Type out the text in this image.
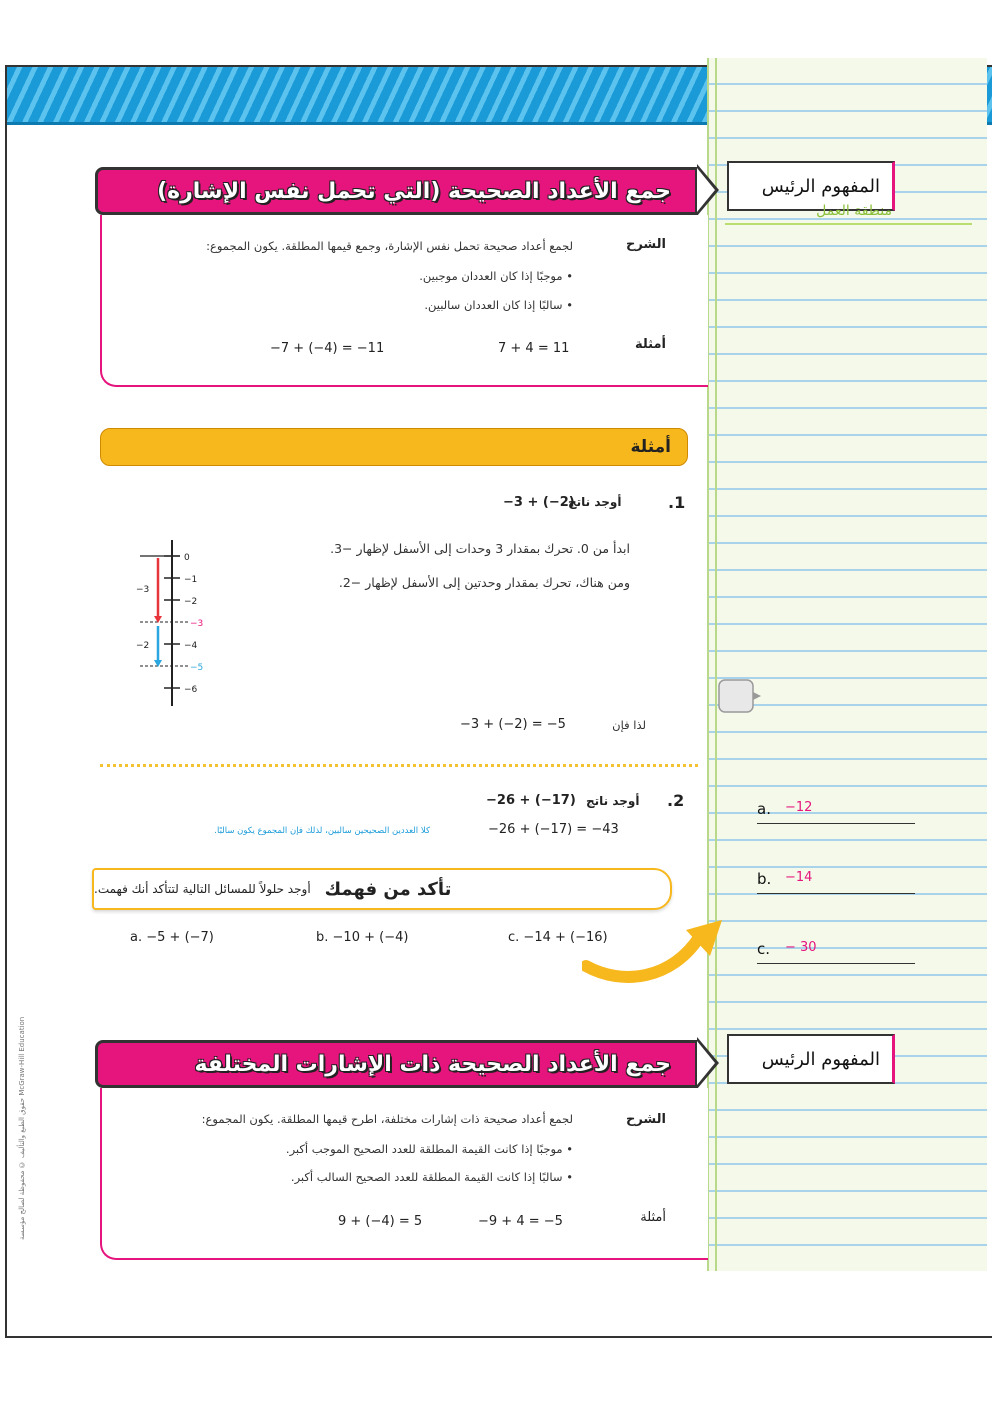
المفهوم الرئيس
المفهوم الرئيس
منطقة العمل
جمع الأعداد الصحيحة (التي تحمل نفس الإشارة)
الشرح
لجمع أعداد صحيحة تحمل نفس الإشارة، وجمع قيمها المطلقة. يكون المجموع:
• موجبًا إذا كان العددان موجبين.
• سالبًا إذا كان العددان سالبين.
أمثلة
7 + 4 = 11
−7 + (−4) = −11
أمثلة
−3 + (−2)
أوجد ناتج	1.
ابدأ من 0. تحرك بمقدار 3 وحدات إلى الأسفل لإظهار −3.
ومن هناك، تحرك بمقدار وحدتين إلى الأسفل لإظهار −2.
0
−1
−2
−3
−4
−5
−6
−3
−2
−3 + (−2) = −5	لذا فإن
−26 + (−17) أوجد ناتج 2.
−26 + (−17) = −43
كلا العددين الصحيحين سالبين، لذلك فإن المجموع يكون سالبًا.
تأكد من فهمك
أوجد حلولاً للمسائل التالية لتتأكد أنك فهمت.
a. −5 + (−7)	b. −10 + (−4)	c. −14 + (−16)
a. −12
b. −14
c. − 30
جمع الأعداد الصحيحة ذات الإشارات المختلفة
الشرح
لجمع أعداد صحيحة ذات إشارات مختلفة، اطرح قيمها المطلقة. يكون المجموع:
• موجبًا إذا كانت القيمة المطلقة للعدد الصحيح الموجب أكبر.
• سالبًا إذا كانت القيمة المطلقة للعدد الصحيح السالب أكبر.
أمثلة
−9 + 4 = −5
9 + (−4) = 5
حقوق الطبع والتأليف © محفوظة لصالح مؤسسة McGraw-Hill Education
